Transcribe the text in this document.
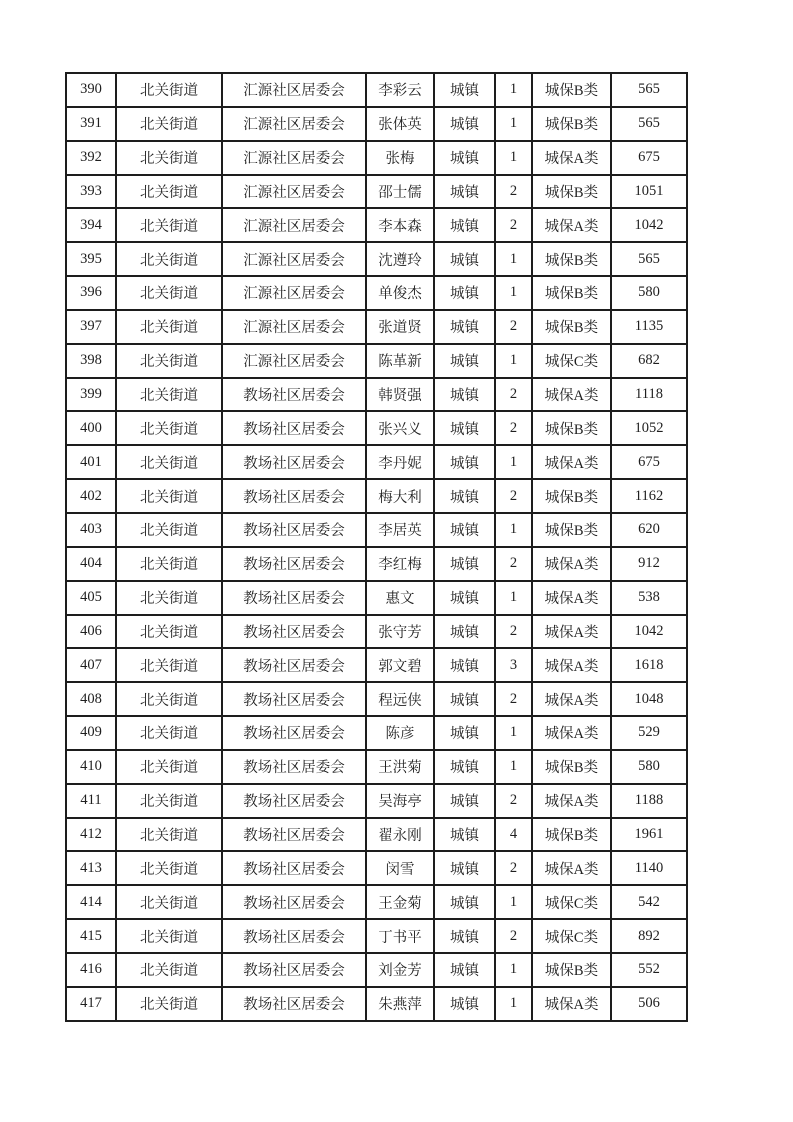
390	北关街道	汇源社区居委会	李彩云	城镇	1	城保B类	565
391	北关街道	汇源社区居委会	张体英	城镇	1	城保B类	565
392	北关街道	汇源社区居委会	张梅	城镇	1	城保A类	675
393	北关街道	汇源社区居委会	邵士儒	城镇	2	城保B类	1051
394	北关街道	汇源社区居委会	李本森	城镇	2	城保A类	1042
395	北关街道	汇源社区居委会	沈遵玲	城镇	1	城保B类	565
396	北关街道	汇源社区居委会	单俊杰	城镇	1	城保B类	580
397	北关街道	汇源社区居委会	张道贤	城镇	2	城保B类	1135
398	北关街道	汇源社区居委会	陈革新	城镇	1	城保C类	682
399	北关街道	教场社区居委会	韩贤强	城镇	2	城保A类	1118
400	北关街道	教场社区居委会	张兴义	城镇	2	城保B类	1052
401	北关街道	教场社区居委会	李丹妮	城镇	1	城保A类	675
402	北关街道	教场社区居委会	梅大利	城镇	2	城保B类	1162
403	北关街道	教场社区居委会	李居英	城镇	1	城保B类	620
404	北关街道	教场社区居委会	李红梅	城镇	2	城保A类	912
405	北关街道	教场社区居委会	惠文	城镇	1	城保A类	538
406	北关街道	教场社区居委会	张守芳	城镇	2	城保A类	1042
407	北关街道	教场社区居委会	郭文碧	城镇	3	城保A类	1618
408	北关街道	教场社区居委会	程远侠	城镇	2	城保A类	1048
409	北关街道	教场社区居委会	陈彦	城镇	1	城保A类	529
410	北关街道	教场社区居委会	王洪菊	城镇	1	城保B类	580
411	北关街道	教场社区居委会	吴海亭	城镇	2	城保A类	1188
412	北关街道	教场社区居委会	翟永刚	城镇	4	城保B类	1961
413	北关街道	教场社区居委会	闵雪	城镇	2	城保A类	1140
414	北关街道	教场社区居委会	王金菊	城镇	1	城保C类	542
415	北关街道	教场社区居委会	丁书平	城镇	2	城保C类	892
416	北关街道	教场社区居委会	刘金芳	城镇	1	城保B类	552
417	北关街道	教场社区居委会	朱燕萍	城镇	1	城保A类	506
